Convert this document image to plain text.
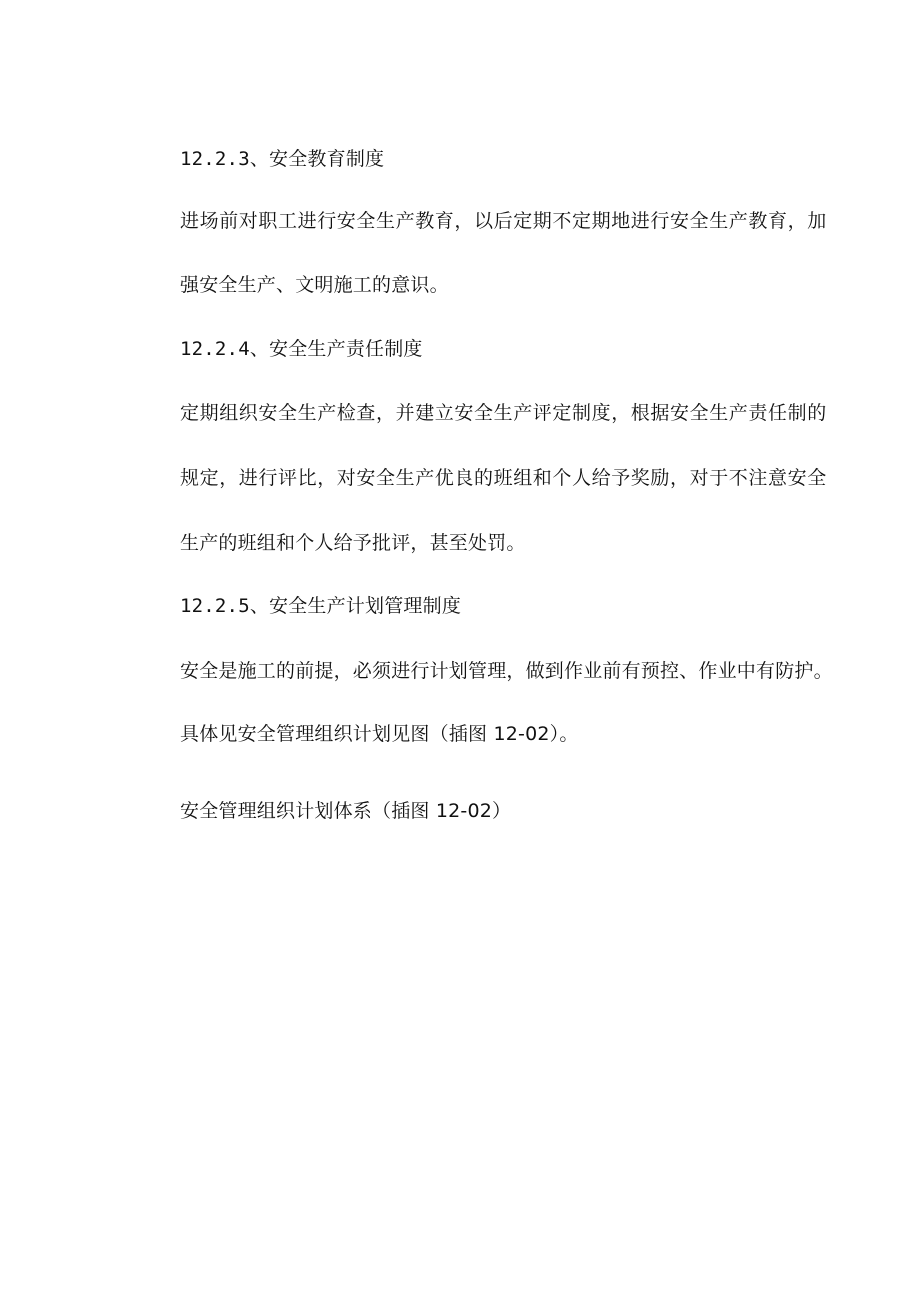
12.2.3、安全教育制度
进场前对职工进行安全生产教育，以后定期不定期地进行安全生产教育，加
强安全生产、文明施工的意识。
12.2.4、安全生产责任制度
定期组织安全生产检查，并建立安全生产评定制度，根据安全生产责任制的
规定，进行评比，对安全生产优良的班组和个人给予奖励，对于不注意安全
生产的班组和个人给予批评，甚至处罚。
12.2.5、安全生产计划管理制度
安全是施工的前提，必须进行计划管理，做到作业前有预控、作业中有防护。
具体见安全管理组织计划见图（插图 12-02）。
安全管理组织计划体系（插图 12-02）
